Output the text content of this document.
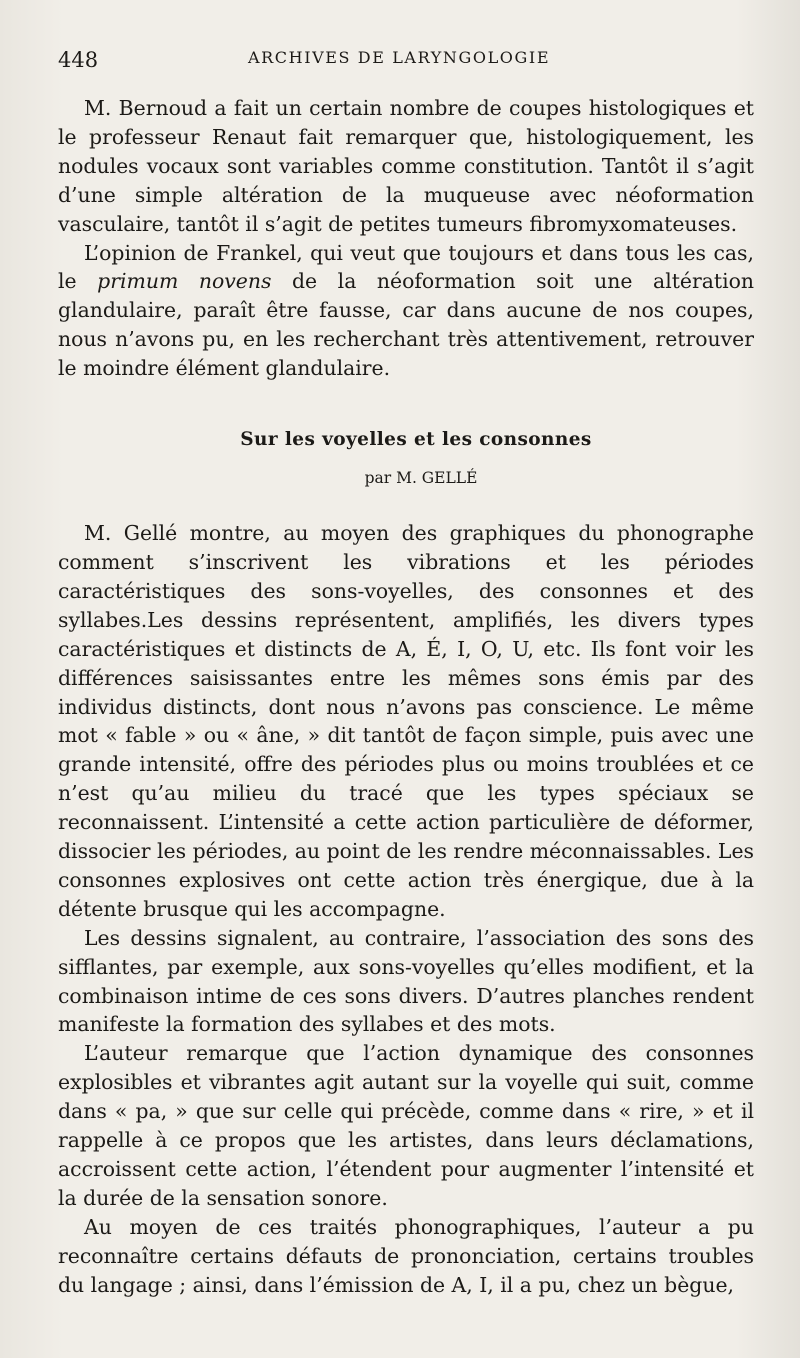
448	ARCHIVES DE LARYNGOLOGIE

M. Bernoud a fait un certain nombre de coupes histologiques et le professeur Renaut fait remarquer que, histologiquement, les nodules vocaux sont variables comme constitution. Tantôt il s’agit d’une simple altération de la muqueuse avec néoformation vasculaire, tantôt il s’agit de petites tumeurs fibromyxomateuses.

L’opinion de Frankel, qui veut que toujours et dans tous les cas, le primum novens de la néoformation soit une altération glandulaire, paraît être fausse, car dans aucune de nos coupes, nous n’avons pu, en les recherchant très attentivement, retrouver le moindre élément glandulaire.

Sur les voyelles et les consonnes
par M. GELLÉ

M. Gellé montre, au moyen des graphiques du phonographe comment s’inscrivent les vibrations et les périodes caractéristiques des sons-voyelles, des consonnes et des syllabes.Les dessins représentent, amplifiés, les divers types caractéristiques et distincts de A, É, I, O, U, etc. Ils font voir les différences saisissantes entre les mêmes sons émis par des individus distincts, dont nous n’avons pas conscience. Le même mot « fable » ou « âne, » dit tantôt de façon simple, puis avec une grande intensité, offre des périodes plus ou moins troublées et ce n’est qu’au milieu du tracé que les types spéciaux se reconnaissent. L’intensité a cette action particulière de déformer, dissocier les périodes, au point de les rendre méconnaissables. Les consonnes explosives ont cette action très énergique, due à la détente brusque qui les accompagne.

Les dessins signalent, au contraire, l’association des sons des sifflantes, par exemple, aux sons-voyelles qu’elles modifient, et la combinaison intime de ces sons divers. D’autres planches rendent manifeste la formation des syllabes et des mots.

L’auteur remarque que l’action dynamique des consonnes explosibles et vibrantes agit autant sur la voyelle qui suit, comme dans « pa, » que sur celle qui précède, comme dans « rire, » et il rappelle à ce propos que les artistes, dans leurs déclamations, accroissent cette action, l’étendent pour augmenter l’intensité et la durée de la sensation sonore.

Au moyen de ces traités phonographiques, l’auteur a pu reconnaître certains défauts de prononciation, certains troubles du langage ; ainsi, dans l’émission de A, I, il a pu, chez un bègue,
